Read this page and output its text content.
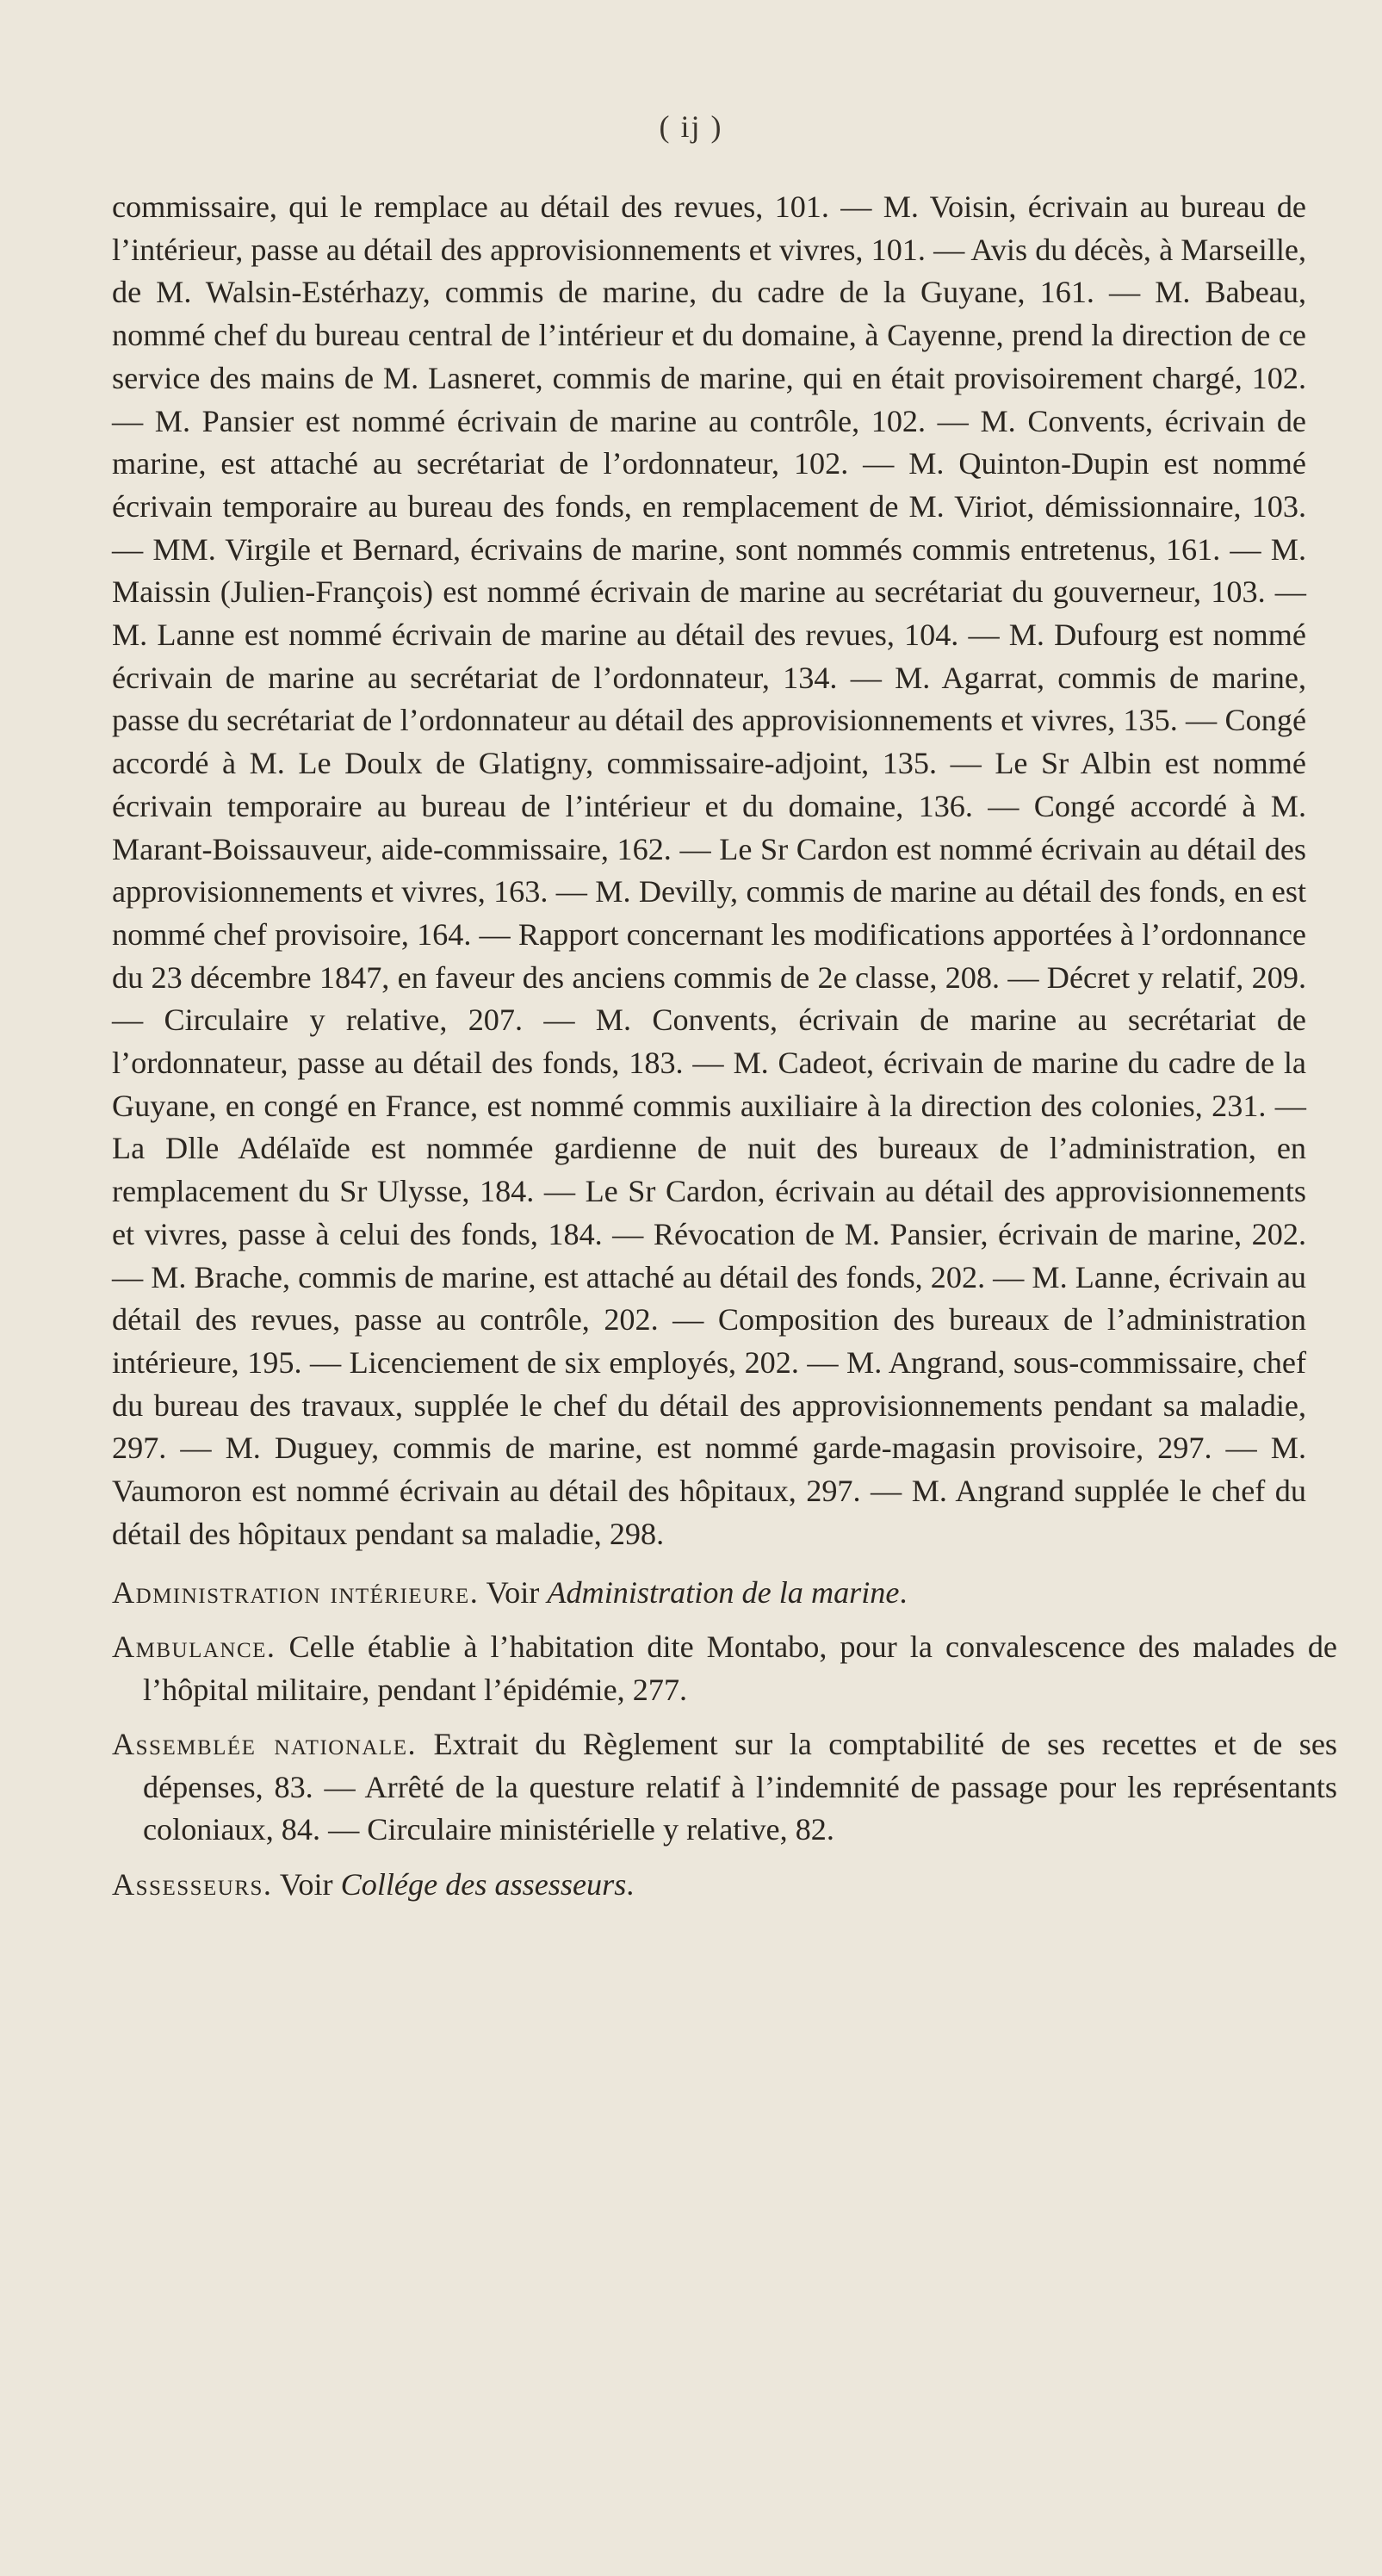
( ij )
commissaire, qui le remplace au détail des revues, 101. — M. Voisin, écrivain au bureau de l’intérieur, passe au détail des approvisionnements et vivres, 101. — Avis du décès, à Marseille, de M. Walsin-Estérhazy, commis de marine, du cadre de la Guyane, 161. — M. Babeau, nommé chef du bureau central de l’intérieur et du domaine, à Cayenne, prend la direction de ce service des mains de M. Lasneret, commis de marine, qui en était provisoirement chargé, 102. — M. Pansier est nommé écrivain de marine au contrôle, 102. — M. Convents, écrivain de marine, est attaché au secrétariat de l’ordonnateur, 102. — M. Quinton-Dupin est nommé écrivain temporaire au bureau des fonds, en remplacement de M. Viriot, démissionnaire, 103. — MM. Virgile et Bernard, écrivains de marine, sont nommés commis entretenus, 161. — M. Maissin (Julien-François) est nommé écrivain de marine au secrétariat du gouverneur, 103. — M. Lanne est nommé écrivain de marine au détail des revues, 104. — M. Dufourg est nommé écrivain de marine au secrétariat de l’ordonnateur, 134. — M. Agarrat, commis de marine, passe du secrétariat de l’ordonnateur au détail des approvisionnements et vivres, 135. — Congé accordé à M. Le Doulx de Glatigny, commissaire-adjoint, 135. — Le Sr Albin est nommé écrivain temporaire au bureau de l’intérieur et du domaine, 136. — Congé accordé à M. Marant-Boissauveur, aide-commissaire, 162. — Le Sr Cardon est nommé écrivain au détail des approvisionnements et vivres, 163. — M. Devilly, commis de marine au détail des fonds, en est nommé chef provisoire, 164. — Rapport concernant les modifications apportées à l’ordonnance du 23 décembre 1847, en faveur des anciens commis de 2e classe, 208. — Décret y relatif, 209. — Circulaire y relative, 207. — M. Convents, écrivain de marine au secrétariat de l’ordonnateur, passe au détail des fonds, 183. — M. Cadeot, écrivain de marine du cadre de la Guyane, en congé en France, est nommé commis auxiliaire à la direction des colonies, 231. — La Dlle Adélaïde est nommée gardienne de nuit des bureaux de l’administration, en remplacement du Sr Ulysse, 184. — Le Sr Cardon, écrivain au détail des approvisionnements et vivres, passe à celui des fonds, 184. — Révocation de M. Pansier, écrivain de marine, 202. — M. Brache, commis de marine, est attaché au détail des fonds, 202. — M. Lanne, écrivain au détail des revues, passe au contrôle, 202. — Composition des bureaux de l’administration intérieure, 195. — Licenciement de six employés, 202. — M. Angrand, sous-commissaire, chef du bureau des travaux, supplée le chef du détail des approvisionnements pendant sa maladie, 297. — M. Duguey, commis de marine, est nommé garde-magasin provisoire, 297. — M. Vaumoron est nommé écrivain au détail des hôpitaux, 297. — M. Angrand supplée le chef du détail des hôpitaux pendant sa maladie, 298.
Administration intérieure. Voir Administration de la marine.
Ambulance. Celle établie à l’habitation dite Montabo, pour la convalescence des malades de l’hôpital militaire, pendant l’épidémie, 277.
Assemblée nationale. Extrait du Règlement sur la comptabilité de ses recettes et de ses dépenses, 83. — Arrêté de la questure relatif à l’indemnité de passage pour les représentants coloniaux, 84. — Circulaire ministérielle y relative, 82.
Assesseurs. Voir Collége des assesseurs.
